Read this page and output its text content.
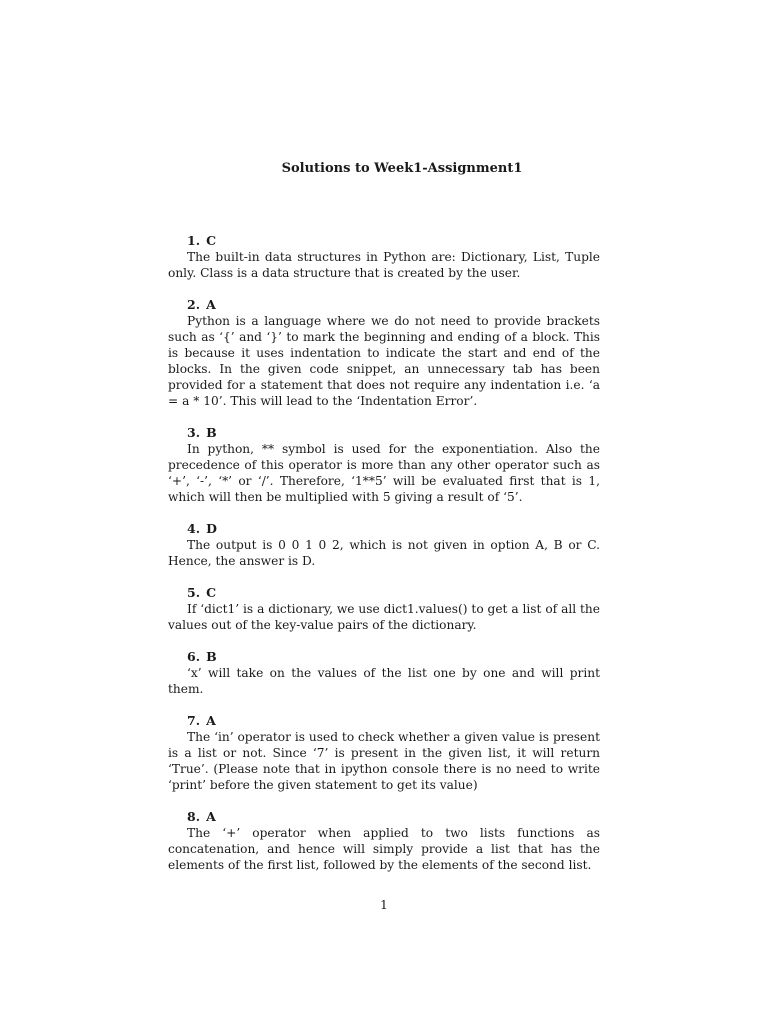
Solutions to Week1-Assignment1
1. C

The built-in data structures in Python are: Dictionary, List, Tuple only. Class is a data structure that is created by the user.

2. A

Python is a language where we do not need to provide brackets such as ‘{’ and ‘}’ to mark the beginning and ending of a block. This is because it uses indentation to indicate the start and end of the blocks. In the given code snippet, an unnecessary tab has been provided for a statement that does not require any indentation i.e. ‘a = a * 10’. This will lead to the ‘Indentation Error’.

3. B

In python, ** symbol is used for the exponentiation. Also the precedence of this operator is more than any other operator such as ‘+’, ‘-’, ‘*’ or ‘/’. Therefore, ‘1**5’ will be evaluated first that is 1, which will then be multiplied with 5 giving a result of ‘5’.

4. D

The output is 0 0 1 0 2, which is not given in option A, B or C. Hence, the answer is D.

5. C

If ‘dict1’ is a dictionary, we use dict1.values() to get a list of all the values out of the key-value pairs of the dictionary.

6. B

‘x’ will take on the values of the list one by one and will print them.

7. A

The ‘in’ operator is used to check whether a given value is present is a list or not. Since ‘7’ is present in the given list, it will return ‘True’. (Please note that in ipython console there is no need to write ‘print’ before the given statement to get its value)

8. A

The ‘+’ operator when applied to two lists functions as concatenation, and hence will simply provide a list that has the elements of the first list, followed by the elements of the second list.

1
